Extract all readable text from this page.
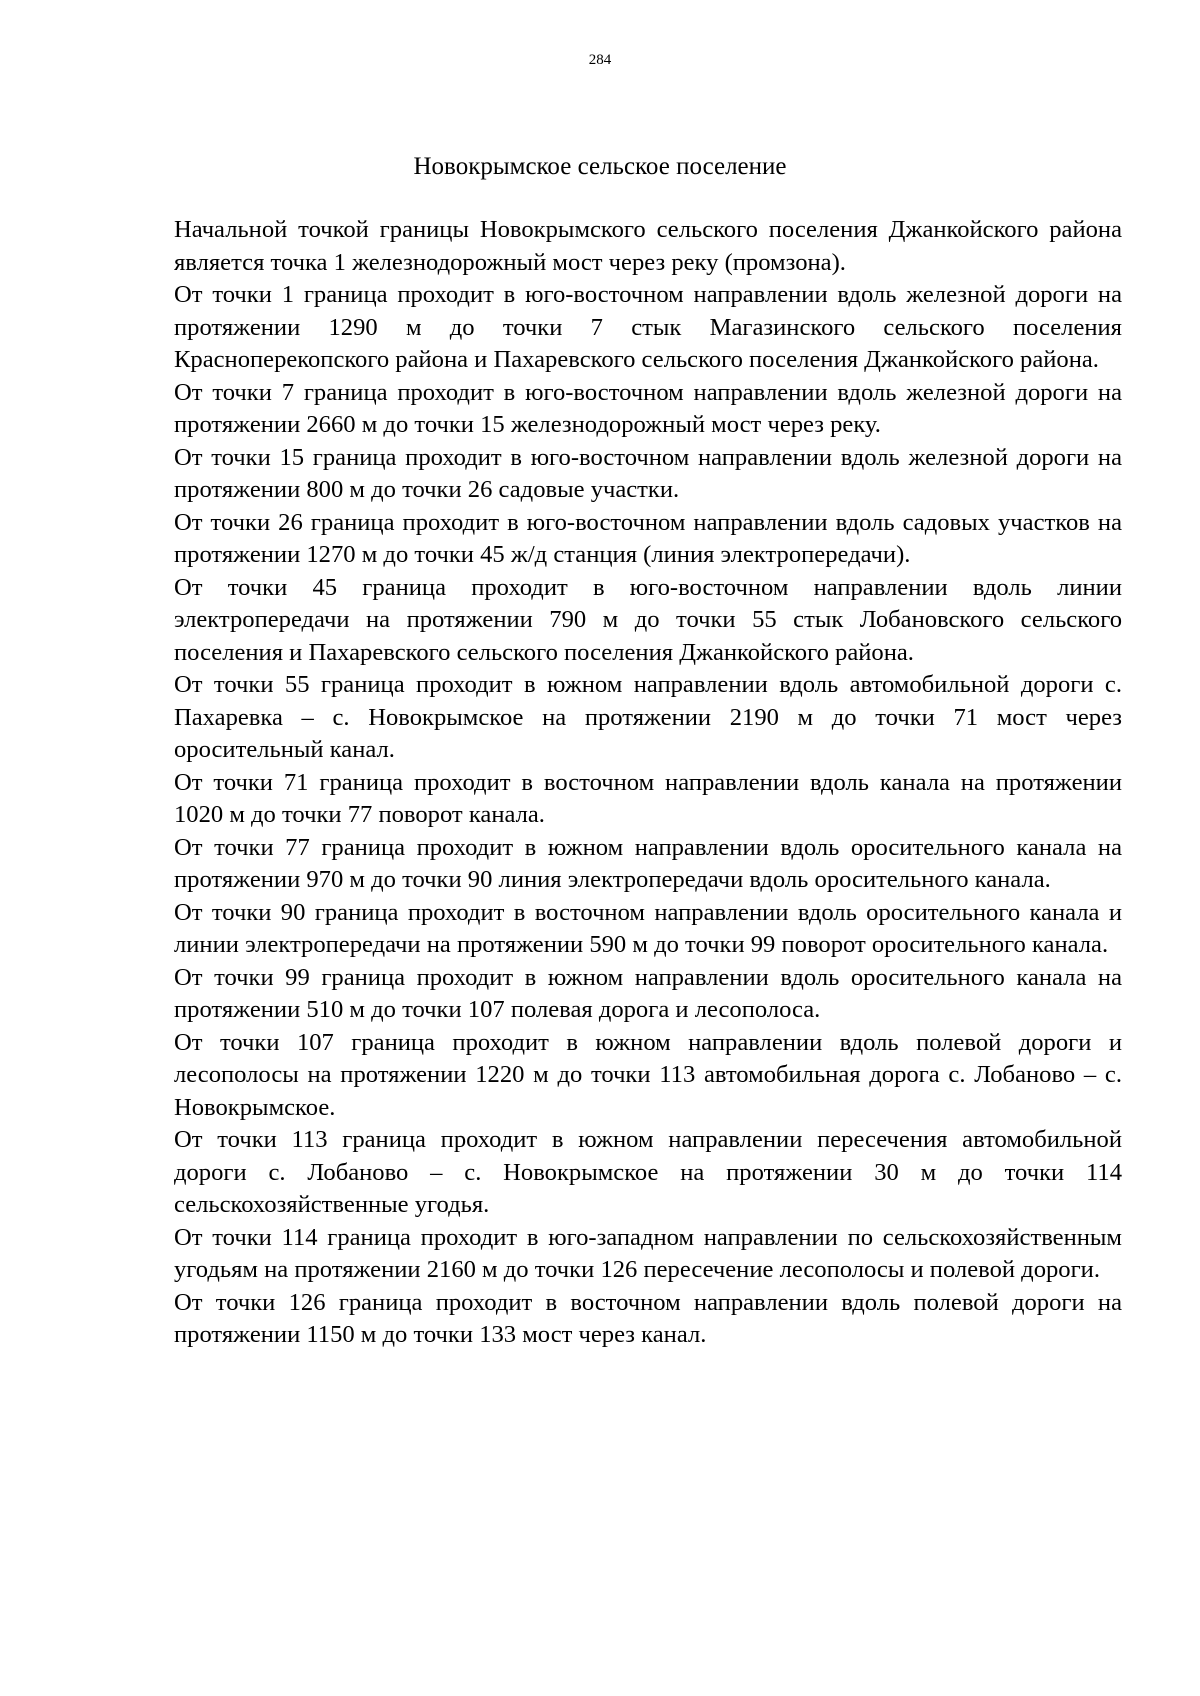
284
Новокрымское сельское поселение

Начальной точкой границы Новокрымского сельского поселения Джанкойского района является точка 1 железнодорожный мост через реку (промзона).

От точки 1 граница проходит в юго-восточном направлении вдоль железной дороги на протяжении 1290 м до точки 7 стык Магазинского сельского поселения Красноперекопского района и Пахаревского сельского поселения Джанкойского района.

От точки 7 граница проходит в юго-восточном направлении вдоль железной дороги на протяжении 2660 м до точки 15 железнодорожный мост через реку.

От точки 15 граница проходит в юго-восточном направлении вдоль железной дороги на протяжении 800 м до точки 26 садовые участки.

От точки 26 граница проходит в юго-восточном направлении вдоль садовых участков на протяжении 1270 м до точки 45 ж/д станция (линия электропередачи).

От точки 45 граница проходит в юго-восточном направлении вдоль линии электропередачи на протяжении 790 м до точки 55 стык Лобановского сельского поселения и Пахаревского сельского поселения Джанкойского района.

От точки 55 граница проходит в южном направлении вдоль автомобильной дороги с. Пахаревка – с. Новокрымское на протяжении 2190 м до точки 71 мост через оросительный канал.

От точки 71 граница проходит в восточном направлении вдоль канала на протяжении 1020 м до точки 77 поворот канала.

От точки 77 граница проходит в южном направлении вдоль оросительного канала на протяжении 970 м до точки 90 линия электропередачи вдоль оросительного канала.

От точки 90 граница проходит в восточном направлении вдоль оросительного канала и линии электропередачи на протяжении 590 м до точки 99 поворот оросительного канала.

От точки 99 граница проходит в южном направлении вдоль оросительного канала на протяжении 510 м до точки 107 полевая дорога и лесополоса.

От точки 107 граница проходит в южном направлении вдоль полевой дороги и лесополосы на протяжении 1220 м до точки 113 автомобильная дорога с. Лобаново – с. Новокрымское.

От точки 113 граница проходит в южном направлении пересечения автомобильной дороги с. Лобаново – с. Новокрымское на протяжении 30 м до точки 114 сельскохозяйственные угодья.

От точки 114 граница проходит в юго-западном направлении по сельскохозяйственным угодьям на протяжении 2160 м до точки 126 пересечение лесополосы и полевой дороги.

От точки 126 граница проходит в восточном направлении вдоль полевой дороги на протяжении 1150 м до точки 133 мост через канал.
